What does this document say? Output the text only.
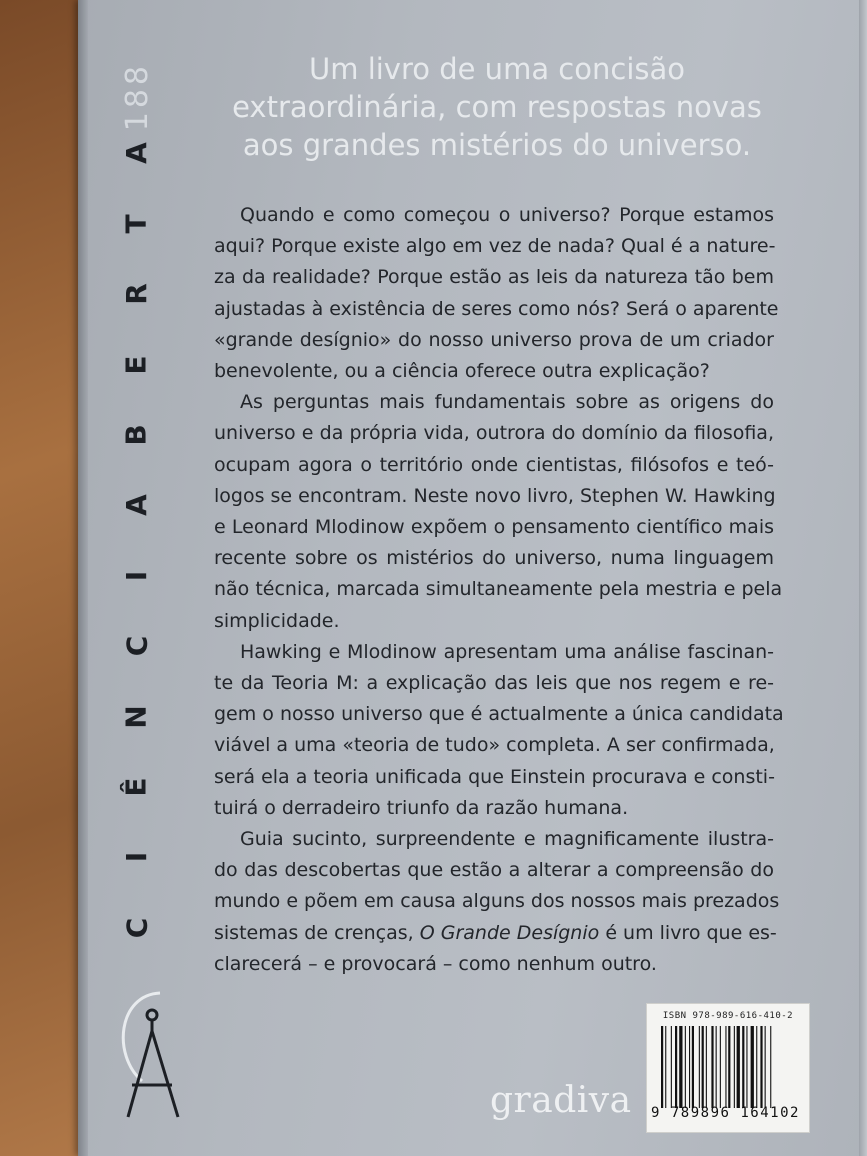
188
C
I
Ê
N
C
I
A
B
E
R
T
A
Um livro de uma concisão
extraordinária, com respostas novas
aos grandes mistérios do universo.
Quando e como começou o universo? Porque estamos
aqui? Porque existe algo em vez de nada? Qual é a nature-
za da realidade? Porque estão as leis da natureza tão bem
ajustadas à existência de seres como nós? Será o aparente
«grande desígnio» do nosso universo prova de um criador
benevolente, ou a ciência oferece outra explicação?
As perguntas mais fundamentais sobre as origens do
universo e da própria vida, outrora do domínio da filosofia,
ocupam agora o território onde cientistas, filósofos e teó-
logos se encontram. Neste novo livro, Stephen W. Hawking
e Leonard Mlodinow expõem o pensamento científico mais
recente sobre os mistérios do universo, numa linguagem
não técnica, marcada simultaneamente pela mestria e pela
simplicidade.
Hawking e Mlodinow apresentam uma análise fascinan-
te da Teoria M: a explicação das leis que nos regem e re-
gem o nosso universo que é actualmente a única candidata
viável a uma «teoria de tudo» completa. A ser confirmada,
será ela a teoria unificada que Einstein procurava e consti-
tuirá o derradeiro triunfo da razão humana.
Guia sucinto, surpreendente e magnificamente ilustra-
do das descobertas que estão a alterar a compreensão do
mundo e põem em causa alguns dos nossos mais prezados
sistemas de crenças, O Grande Desígnio é um livro que es-
clarecerá – e provocará – como nenhum outro.
ISBN 978-989-616-410-2
9 789896 164102
gradiva
